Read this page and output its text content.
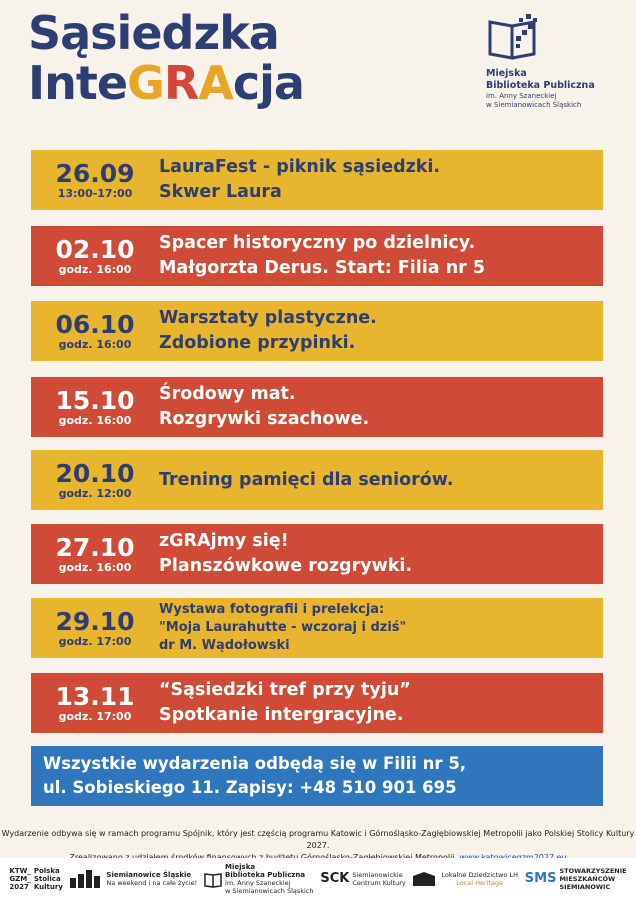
Sąsiedzka
InteGRAcja	Miejska
Biblioteka Publiczna
im. Anny Szaneckiej
w Siemianowicach Śląskich
26.09
13:00-17:00
LauraFest - piknik sąsiedzki.
Skwer Laura
02.10
godz. 16:00
Spacer historyczny po dzielnicy.
Małgorzta Derus. Start: Filia nr 5
06.10
godz. 16:00
Warsztaty plastyczne.
Zdobione przypinki.
15.10
godz. 16:00
Środowy mat.
Rozgrywki szachowe.
20.10
godz. 12:00
Trening pamięci dla seniorów.
27.10
godz. 16:00
zGRAjmy się!
Planszówkowe rozgrywki.
29.10
godz. 17:00
Wystawa fotografii i prelekcja:
"Moja Laurahutte - wczoraj i dziś"
dr M. Wądołowski
13.11
godz. 17:00
“Sąsiedzki tref przy tyju”
Spotkanie intergracyjne.
Wszystkie wydarzenia odbędą się w Filii nr 5,
ul. Sobieskiego 11. Zapisy: +48 510 901 695
Wydarzenie odbywa się w ramach programu Spójnik, który jest częścią programu Katowic i Górnośląsko-Zagłębiowskiej Metropolii jako Polskiej Stolicy Kultury 2027.

KTW_
GZM_
2027
Polska
Stolica
Kultury
Siemianowice Śląskie
Na weekend i na całe życie!
Miejska
Biblioteka Publiczna
im. Anny Szaneckiej
w Siemianowicach Śląskich
SCK Siemianowickie
Centrum Kultury
Lokalne Dziedzictwo LH
Local Heritage	SMS STOWARZYSZENIE
MIESZKAŃCÓW
SIEMIANOWIC
